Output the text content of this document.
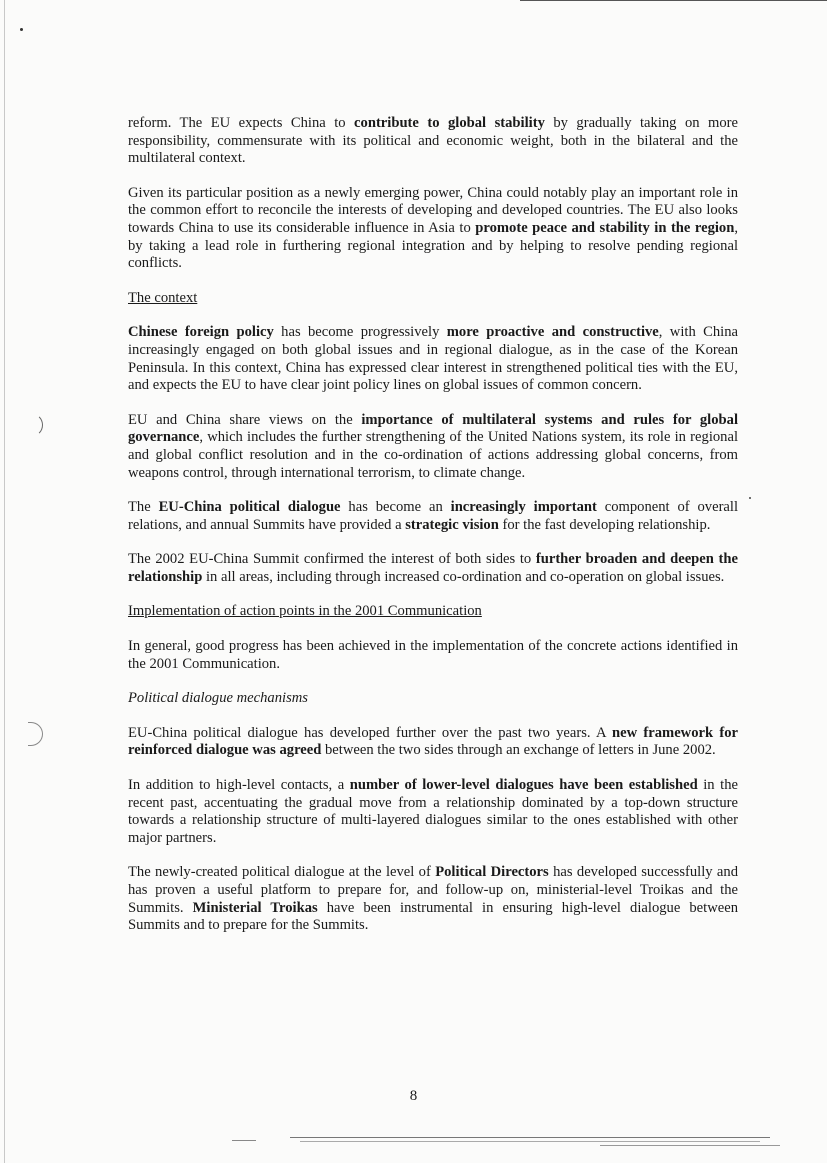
reform. The EU expects China to contribute to global stability by gradually taking on more responsibility, commensurate with its political and economic weight, both in the bilateral and the multilateral context.

Given its particular position as a newly emerging power, China could notably play an important role in the common effort to reconcile the interests of developing and developed countries. The EU also looks towards China to use its considerable influence in Asia to promote peace and stability in the region, by taking a lead role in furthering regional integration and by helping to resolve pending regional conflicts.

The context

Chinese foreign policy has become progressively more proactive and constructive, with China increasingly engaged on both global issues and in regional dialogue, as in the case of the Korean Peninsula. In this context, China has expressed clear interest in strengthened political ties with the EU, and expects the EU to have clear joint policy lines on global issues of common concern.

EU and China share views on the importance of multilateral systems and rules for global governance, which includes the further strengthening of the United Nations system, its role in regional and global conflict resolution and in the co-ordination of actions addressing global concerns, from weapons control, through international terrorism, to climate change.

The EU-China political dialogue has become an increasingly important component of overall relations, and annual Summits have provided a strategic vision for the fast developing relationship.

The 2002 EU-China Summit confirmed the interest of both sides to further broaden and deepen the relationship in all areas, including through increased co-ordination and co-operation on global issues.

Implementation of action points in the 2001 Communication

In general, good progress has been achieved in the implementation of the concrete actions identified in the 2001 Communication.

Political dialogue mechanisms

EU-China political dialogue has developed further over the past two years. A new framework for reinforced dialogue was agreed between the two sides through an exchange of letters in June 2002.

In addition to high-level contacts, a number of lower-level dialogues have been established in the recent past, accentuating the gradual move from a relationship dominated by a top-down structure towards a relationship structure of multi-layered dialogues similar to the ones established with other major partners.

The newly-created political dialogue at the level of Political Directors has developed successfully and has proven a useful platform to prepare for, and follow-up on, ministerial-level Troikas and the Summits. Ministerial Troikas have been instrumental in ensuring high-level dialogue between Summits and to prepare for the Summits.

8
